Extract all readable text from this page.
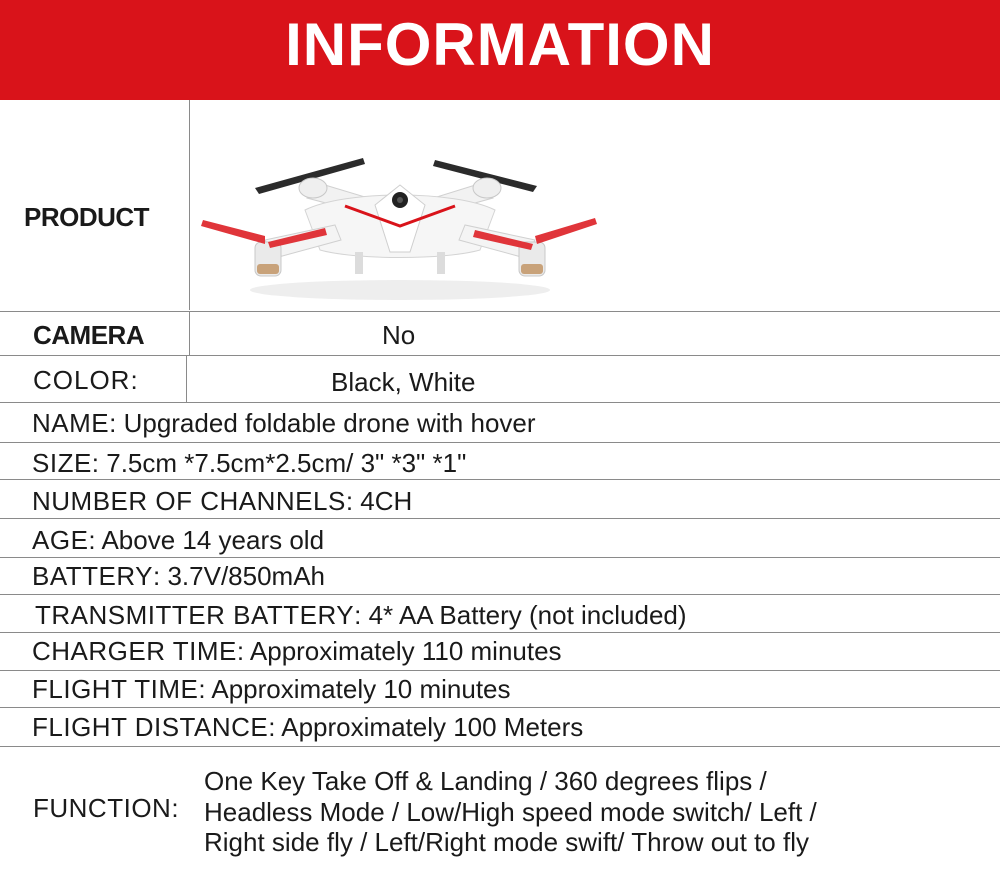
INFORMATION
PRODUCT
CAMERA	No
COLOR:	Black, White
NAME: Upgraded foldable drone with hover
SIZE: 7.5cm *7.5cm*2.5cm/ 3" *3" *1"
NUMBER OF CHANNELS: 4CH
AGE: Above 14 years old
BATTERY: 3.7V/850mAh
TRANSMITTER BATTERY: 4* AA Battery (not included)
CHARGER TIME: Approximately 110 minutes
FLIGHT TIME: Approximately 10 minutes
FLIGHT DISTANCE: Approximately 100 Meters
FUNCTION:
One Key Take Off & Landing / 360 degrees flips /
Headless Mode / Low/High speed mode switch/ Left /
Right side fly / Left/Right mode swift/ Throw out to fly
